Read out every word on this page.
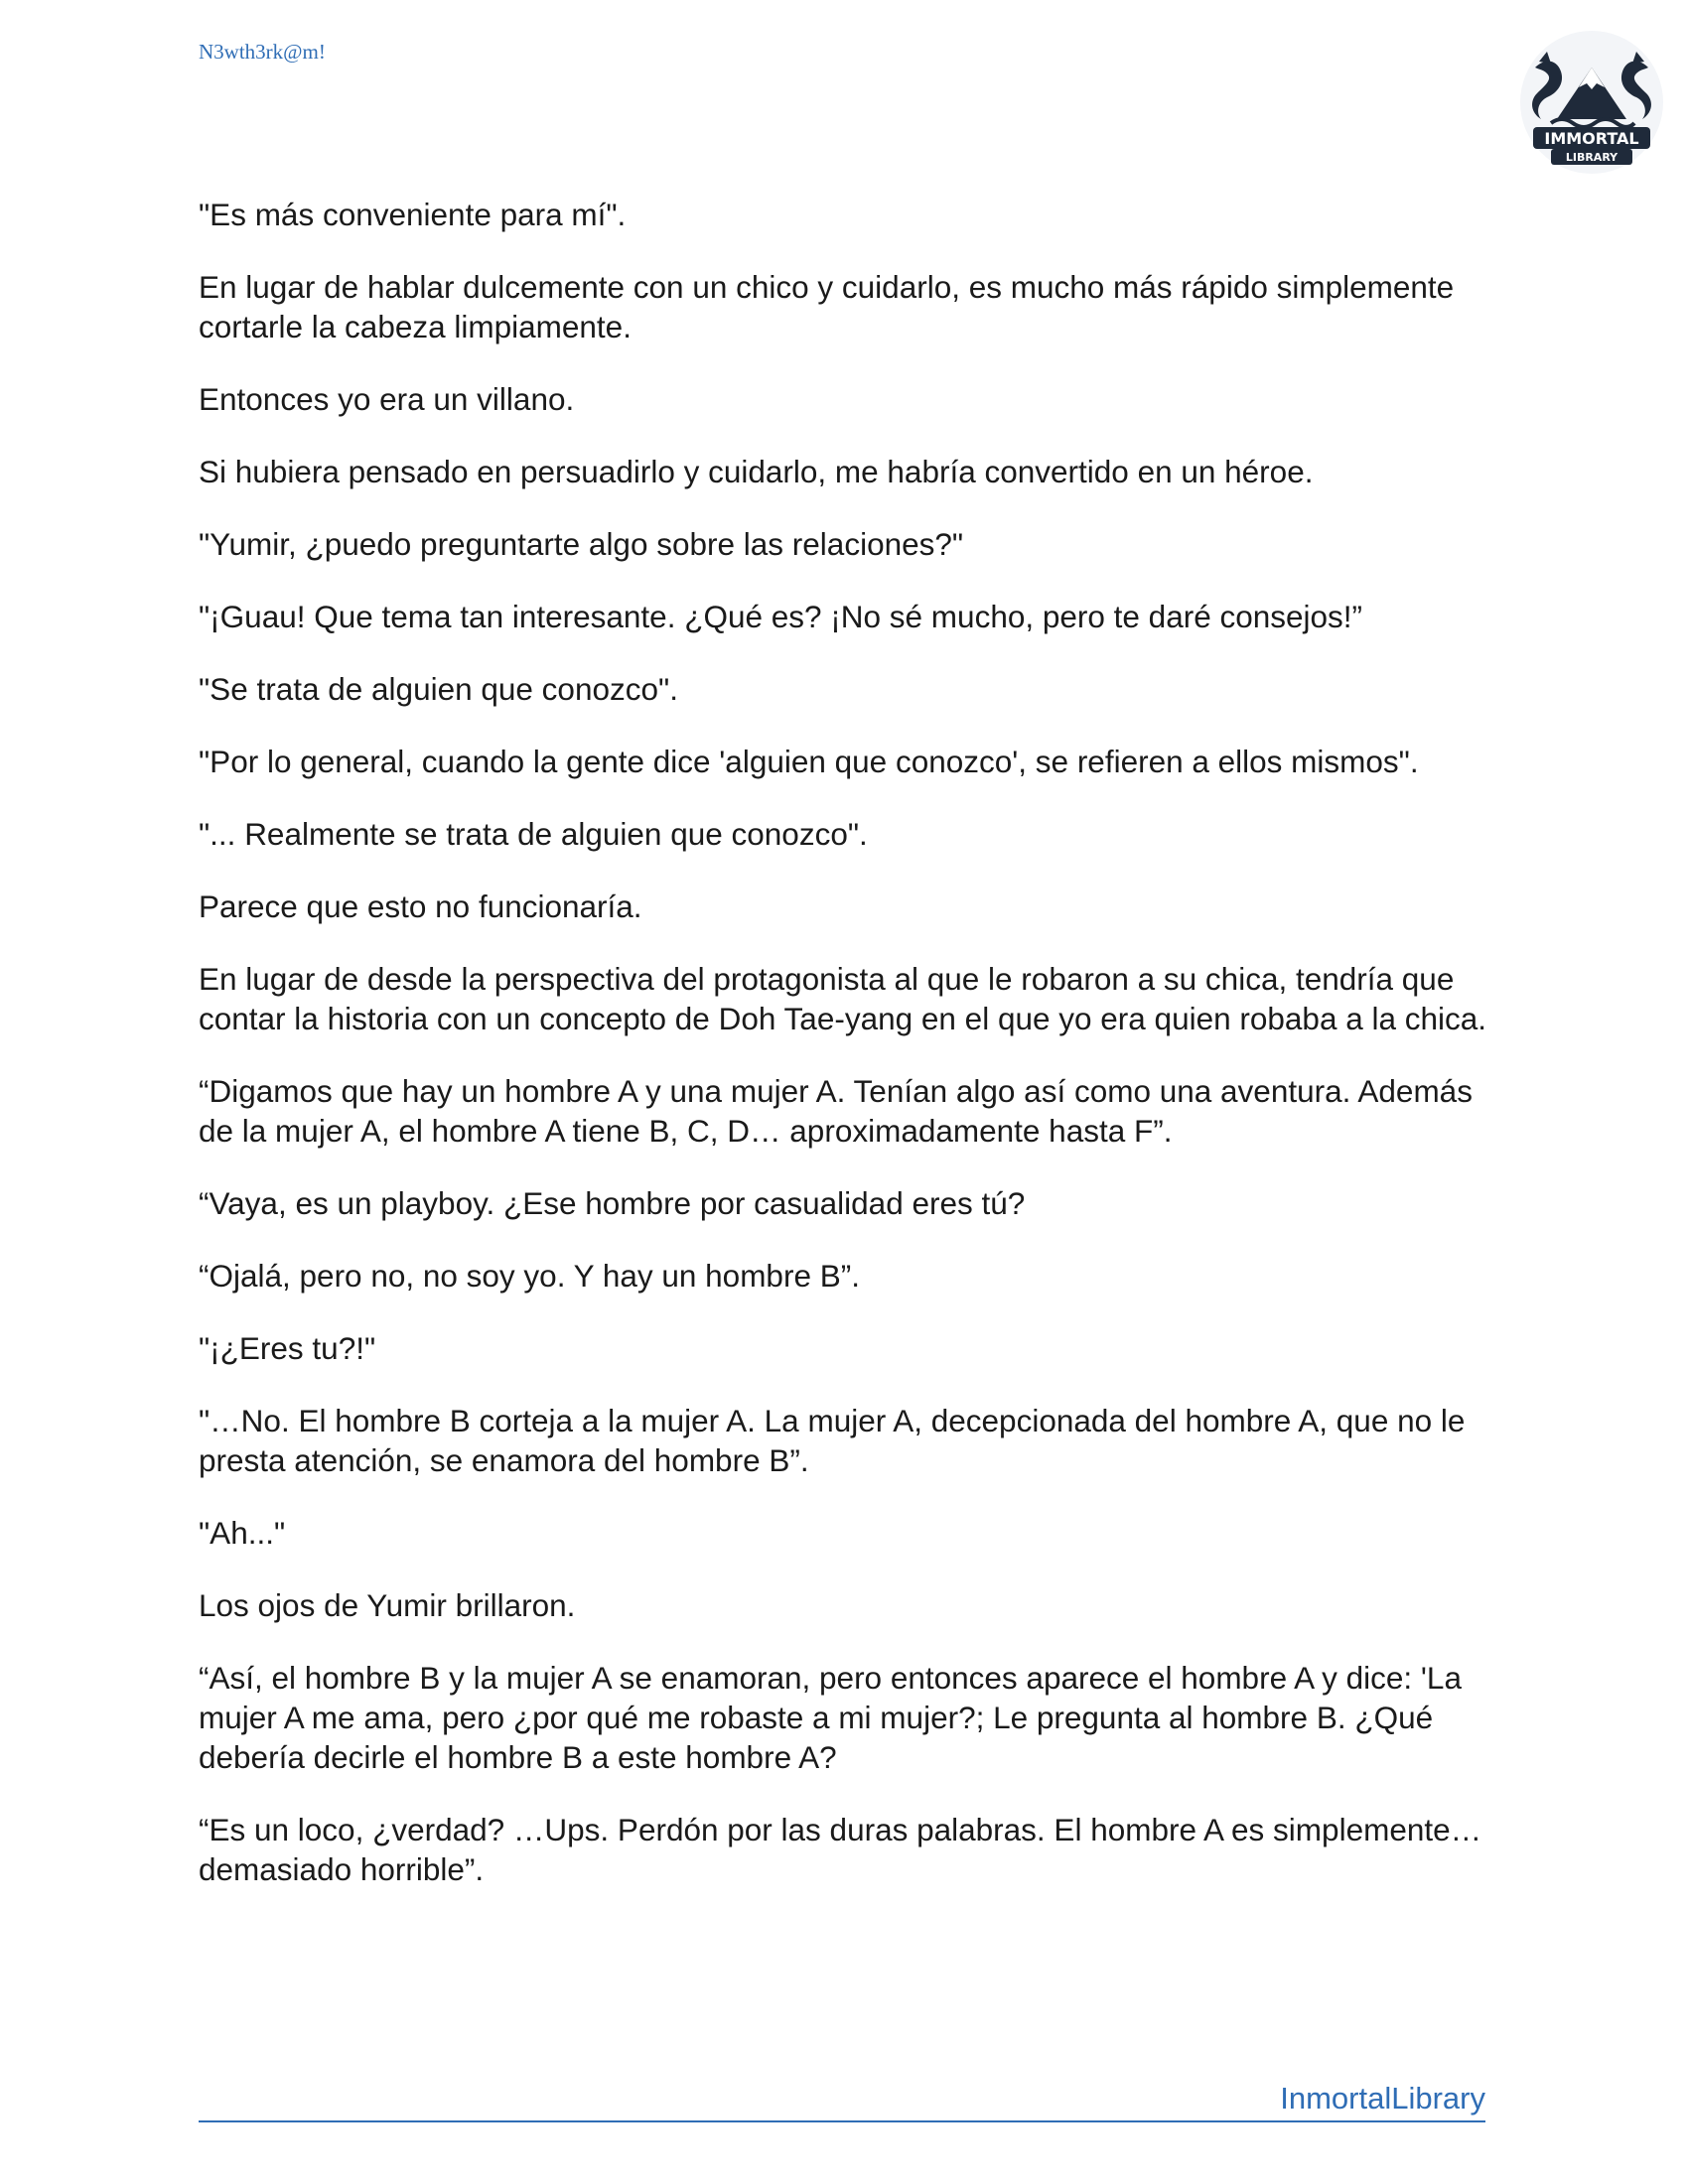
N3wth3rk@m!
IMMORTAL
LIBRARY

"Es más conveniente para mí".

En lugar de hablar dulcemente con un chico y cuidarlo, es mucho más rápido simplemente cortarle la cabeza limpiamente.

Entonces yo era un villano.

Si hubiera pensado en persuadirlo y cuidarlo, me habría convertido en un héroe.

"Yumir, ¿puedo preguntarte algo sobre las relaciones?"

"¡Guau! Que tema tan interesante. ¿Qué es? ¡No sé mucho, pero te daré consejos!”

"Se trata de alguien que conozco".

"Por lo general, cuando la gente dice 'alguien que conozco', se refieren a ellos mismos".

"... Realmente se trata de alguien que conozco".

Parece que esto no funcionaría.

En lugar de desde la perspectiva del protagonista al que le robaron a su chica, tendría que contar la historia con un concepto de Doh Tae-yang en el que yo era quien robaba a la chica.

“Digamos que hay un hombre A y una mujer A. Tenían algo así como una aventura. Además de la mujer A, el hombre A tiene B, C, D… aproximadamente hasta F”.

“Vaya, es un playboy. ¿Ese hombre por casualidad eres tú?

“Ojalá, pero no, no soy yo. Y hay un hombre B”.

"¡¿Eres tu?!"

"…No. El hombre B corteja a la mujer A. La mujer A, decepcionada del hombre A, que no le presta atención, se enamora del hombre B”.

"Ah..."

Los ojos de Yumir brillaron.

“Así, el hombre B y la mujer A se enamoran, pero entonces aparece el hombre A y dice: 'La mujer A me ama, pero ¿por qué me robaste a mi mujer?; Le pregunta al hombre B. ¿Qué debería decirle el hombre B a este hombre A?

“Es un loco, ¿verdad? …Ups. Perdón por las duras palabras. El hombre A es simplemente… demasiado horrible”.

InmortalLibrary
